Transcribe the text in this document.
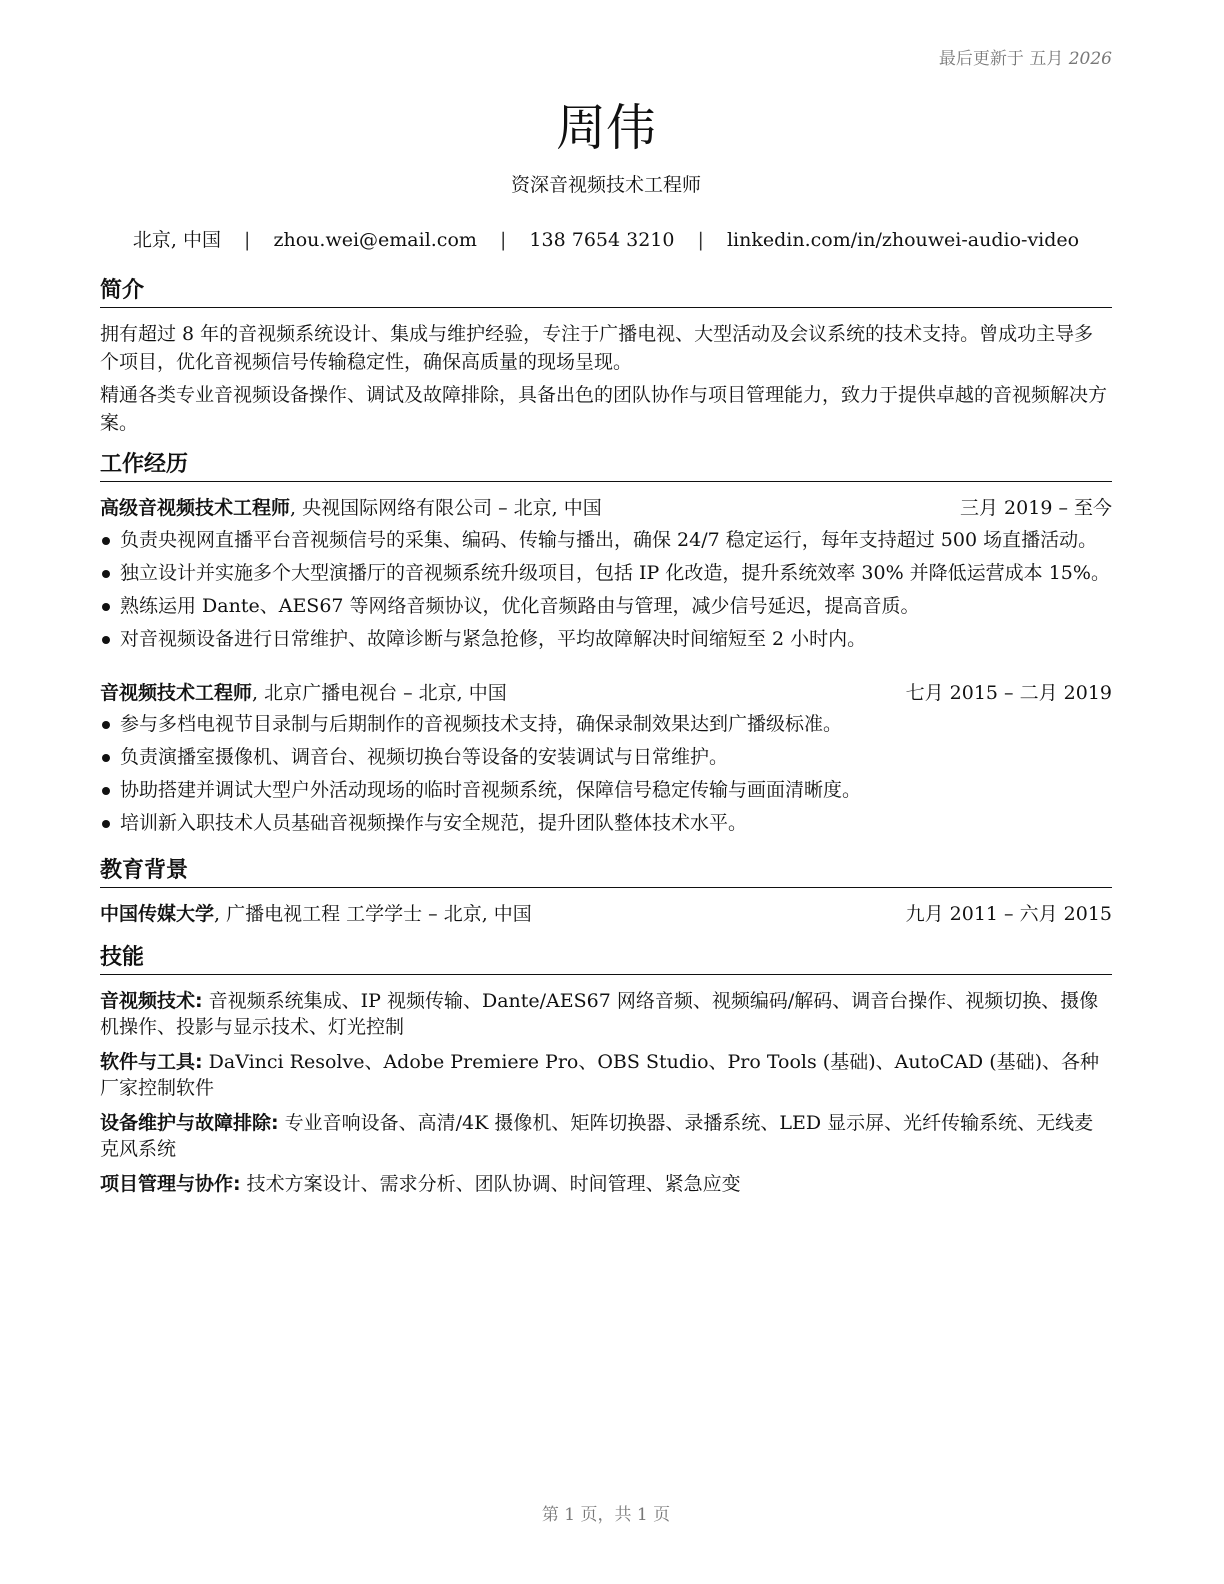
最后更新于 五月 2026
周伟
资深音视频技术工程师
北京, 中国 | zhou.wei@email.com | 138 7654 3210 | linkedin.com/in/zhouwei-audio-video
简介
拥有超过 8 年的音视频系统设计、集成与维护经验，专注于广播电视、大型活动及会议系统的技术支持。曾成功主导多个项目，优化音视频信号传输稳定性，确保高质量的现场呈现。
精通各类专业音视频设备操作、调试及故障排除，具备出色的团队协作与项目管理能力，致力于提供卓越的音视频解决方案。
工作经历
高级音视频技术工程师, 央视国际网络有限公司 – 北京, 中国	三月 2019 – 至今
负责央视网直播平台音视频信号的采集、编码、传输与播出，确保 24/7 稳定运行，每年支持超过 500 场直播活动。
独立设计并实施多个大型演播厅的音视频系统升级项目，包括 IP 化改造，提升系统效率 30% 并降低运营成本 15%。
熟练运用 Dante、AES67 等网络音频协议，优化音频路由与管理，减少信号延迟，提高音质。
对音视频设备进行日常维护、故障诊断与紧急抢修，平均故障解决时间缩短至 2 小时内。
音视频技术工程师, 北京广播电视台 – 北京, 中国	七月 2015 – 二月 2019
参与多档电视节目录制与后期制作的音视频技术支持，确保录制效果达到广播级标准。
负责演播室摄像机、调音台、视频切换台等设备的安装调试与日常维护。
协助搭建并调试大型户外活动现场的临时音视频系统，保障信号稳定传输与画面清晰度。
培训新入职技术人员基础音视频操作与安全规范，提升团队整体技术水平。
教育背景
中国传媒大学, 广播电视工程 工学学士 – 北京, 中国	九月 2011 – 六月 2015
技能
音视频技术: 音视频系统集成、IP 视频传输、Dante/AES67 网络音频、视频编码/解码、调音台操作、视频切换、摄像机操作、投影与显示技术、灯光控制
软件与工具: DaVinci Resolve、Adobe Premiere Pro、OBS Studio、Pro Tools (基础)、AutoCAD (基础)、各种厂家控制软件
设备维护与故障排除: 专业音响设备、高清/4K 摄像机、矩阵切换器、录播系统、LED 显示屏、光纤传输系统、无线麦克风系统
项目管理与协作: 技术方案设计、需求分析、团队协调、时间管理、紧急应变
第 1 页，共 1 页
